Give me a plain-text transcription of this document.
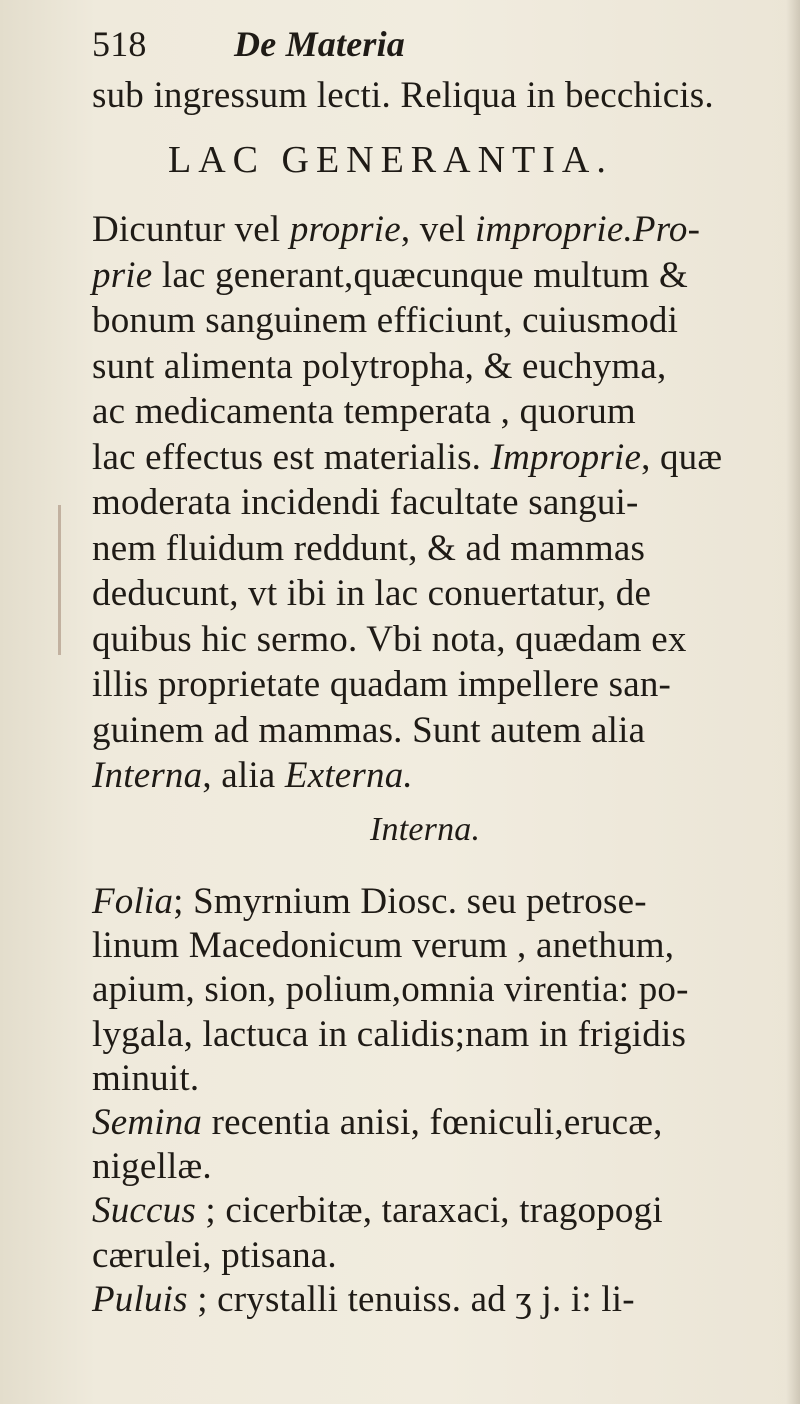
518 De Materia
sub ingressum lecti. Reliqua in becchicis.
LAC GENERANTIA.
Dicuntur vel proprie, vel improprie.Pro-
prie lac generant,quæcunque multum &
bonum sanguinem efficiunt, cuiusmodi
sunt alimenta polytropha, & euchyma,
ac medicamenta temperata , quorum
lac effectus est materialis. Improprie, quæ
moderata incidendi facultate sangui-
nem fluidum reddunt, & ad mammas
deducunt, vt ibi in lac conuertatur, de
quibus hic sermo. Vbi nota, quædam ex
illis proprietate quadam impellere san-
guinem ad mammas. Sunt autem alia
Interna, alia Externa.
Interna.
Folia; Smyrnium Diosc. seu petrose-
linum Macedonicum verum , anethum,
apium, sion, polium,omnia virentia: po-
lygala, lactuca in calidis;nam in frigidis
minuit.
Semina recentia anisi, fœniculi,erucæ,
nigellæ.
Succus ; cicerbitæ, taraxaci, tragopogi
cærulei, ptisana.
Puluis ; crystalli tenuiss. ad ʒ j. i: li-
